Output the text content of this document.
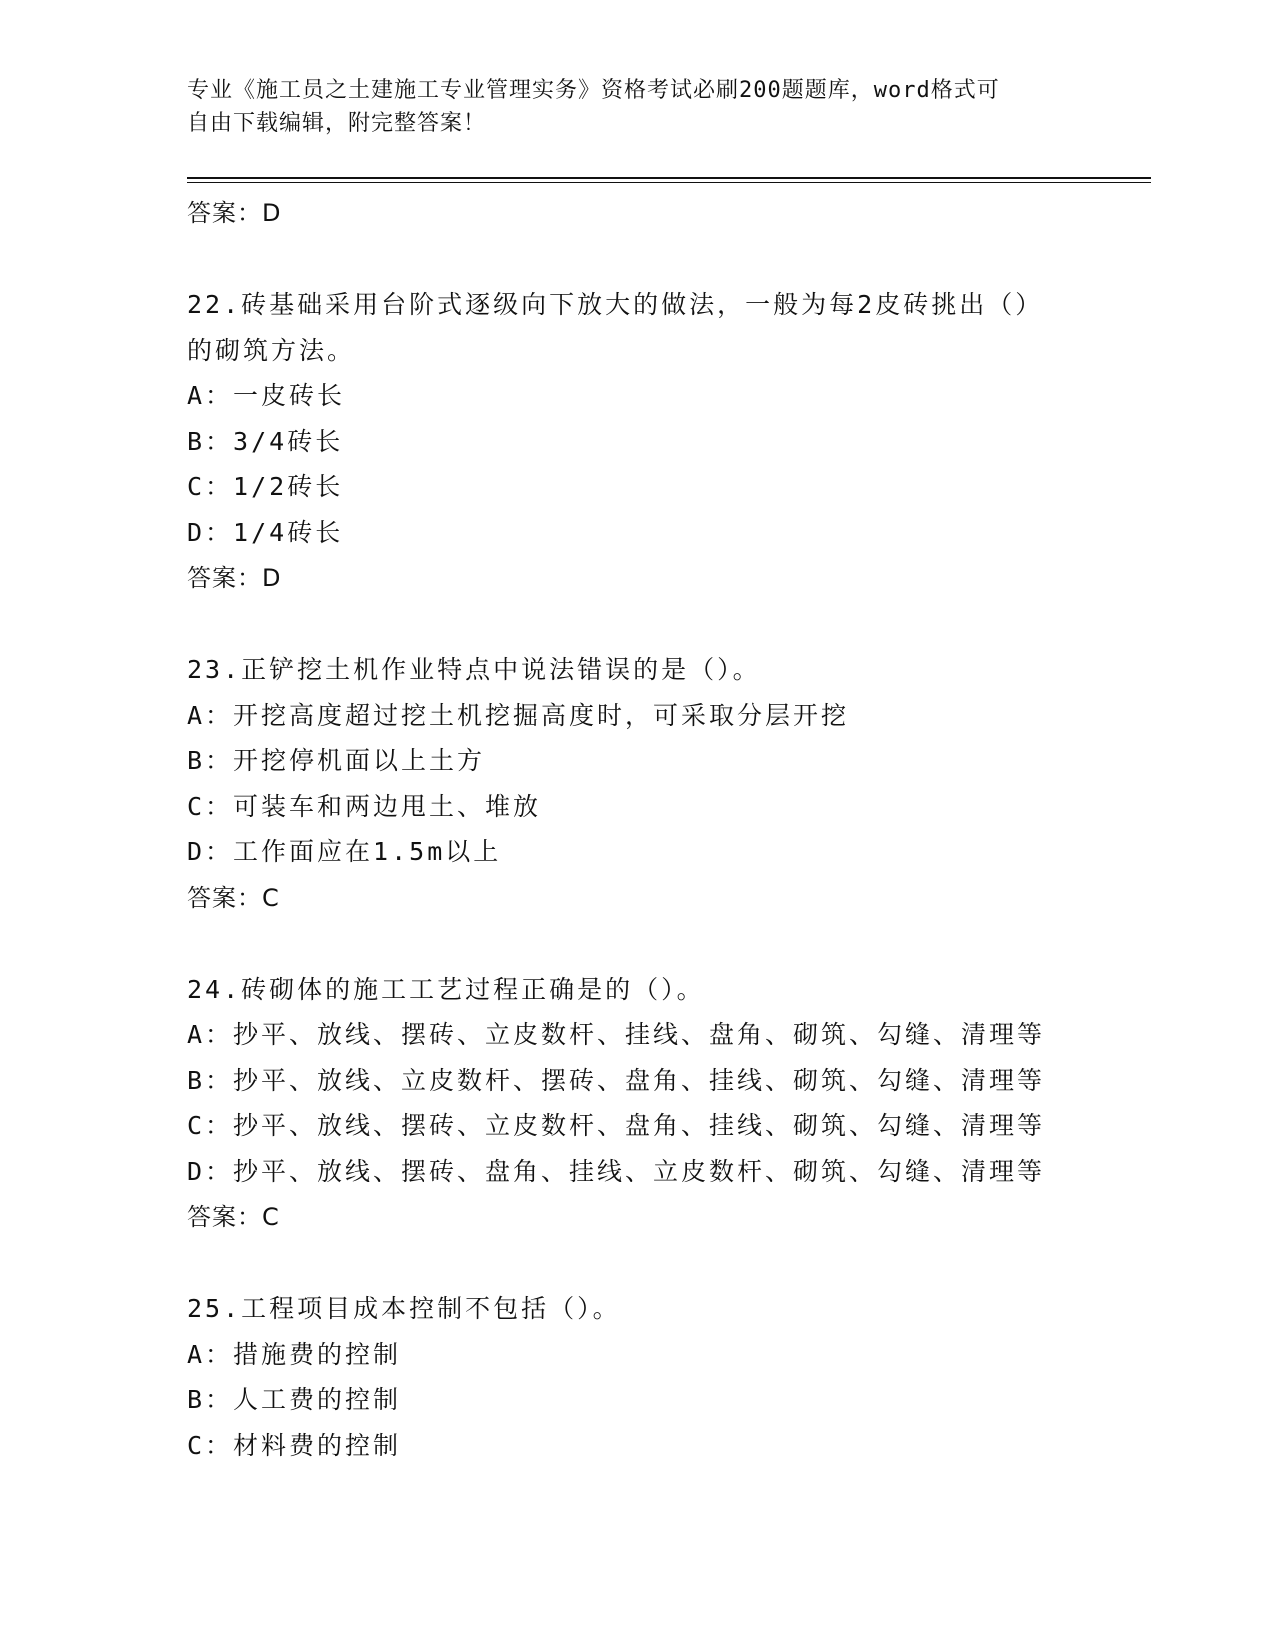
专业《施工员之土建施工专业管理实务》资格考试必刷200题题库，word格式可
自由下载编辑，附完整答案！
答案：D
22.砖基础采用台阶式逐级向下放大的做法，一般为每2皮砖挑出（）
的砌筑方法。
A：一皮砖长
B：3/4砖长
C：1/2砖长
D：1/4砖长
答案：D
23.正铲挖土机作业特点中说法错误的是（）。
A：开挖高度超过挖土机挖掘高度时，可采取分层开挖
B：开挖停机面以上土方
C：可装车和两边甩土、堆放
D：工作面应在1.5m以上
答案：C
24.砖砌体的施工工艺过程正确是的（）。
A：抄平、放线、摆砖、立皮数杆、挂线、盘角、砌筑、勾缝、清理等
B：抄平、放线、立皮数杆、摆砖、盘角、挂线、砌筑、勾缝、清理等
C：抄平、放线、摆砖、立皮数杆、盘角、挂线、砌筑、勾缝、清理等
D：抄平、放线、摆砖、盘角、挂线、立皮数杆、砌筑、勾缝、清理等
答案：C
25.工程项目成本控制不包括（）。
A：措施费的控制
B：人工费的控制
C：材料费的控制
